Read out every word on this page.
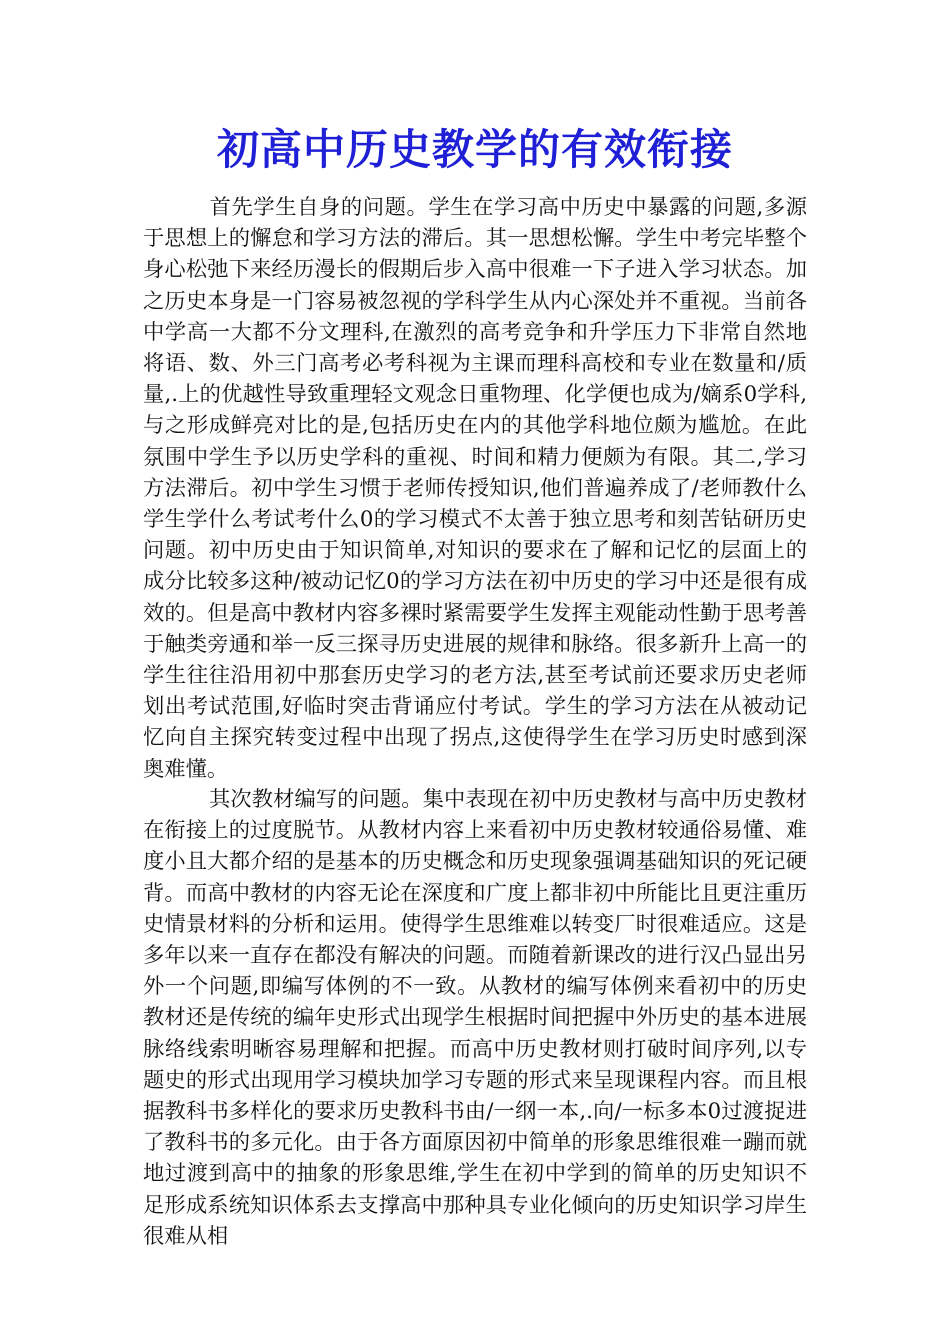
初高中历史教学的有效衔接

首先学生自身的问题。学生在学习高中历史中暴露的问题,多源于思想上的懈怠和学习方法的滞后。其一思想松懈。学生中考完毕整个身心松弛下来经历漫长的假期后步入高中很难一下子进入学习状态。加之历史本身是一门容易被忽视的学科学生从内心深处并不重视。当前各中学高一大都不分文理科,在激烈的高考竞争和升学压力下非常自然地将语、数、外三门高考必考科视为主课而理科高校和专业在数量和/质量,.上的优越性导致重理轻文观念日重物理、化学便也成为/嫡系0学科,与之形成鲜亮对比的是,包括历史在内的其他学科地位颇为尴尬。在此氛围中学生予以历史学科的重视、时间和精力便颇为有限。其二,学习方法滞后。初中学生习惯于老师传授知识,他们普遍养成了/老师教什么学生学什么考试考什么0的学习模式不太善于独立思考和刻苦钻研历史问题。初中历史由于知识简单,对知识的要求在了解和记忆的层面上的成分比较多这种/被动记忆0的学习方法在初中历史的学习中还是很有成效的。但是高中教材内容多裸时紧需要学生发挥主观能动性勤于思考善于触类旁通和举一反三探寻历史进展的规律和脉络。很多新升上高一的学生往往沿用初中那套历史学习的老方法,甚至考试前还要求历史老师划出考试范围,好临时突击背诵应付考试。学生的学习方法在从被动记忆向自主探究转变过程中出现了拐点,这使得学生在学习历史时感到深奥难懂。

其次教材编写的问题。集中表现在初中历史教材与高中历史教材在衔接上的过度脱节。从教材内容上来看初中历史教材较通俗易懂、难度小且大都介绍的是基本的历史概念和历史现象强调基础知识的死记硬背。而高中教材的内容无论在深度和广度上都非初中所能比且更注重历史情景材料的分析和运用。使得学生思维难以转变厂时很难适应。这是多年以来一直存在都没有解决的问题。而随着新课改的进行汉凸显出另外一个问题,即编写体例的不一致。从教材的编写体例来看初中的历史教材还是传统的编年史形式出现学生根据时间把握中外历史的基本进展脉络线索明晰容易理解和把握。而高中历史教材则打破时间序列,以专题史的形式出现用学习模块加学习专题的形式来呈现课程内容。而且根据教科书多样化的要求历史教科书由/一纲一本,.向/一标多本0过渡捉进了教科书的多元化。由于各方面原因初中简单的形象思维很难一蹦而就地过渡到高中的抽象的形象思维,学生在初中学到的简单的历史知识不足形成系统知识体系去支撑高中那种具专业化倾向的历史知识学习岸生很难从相
